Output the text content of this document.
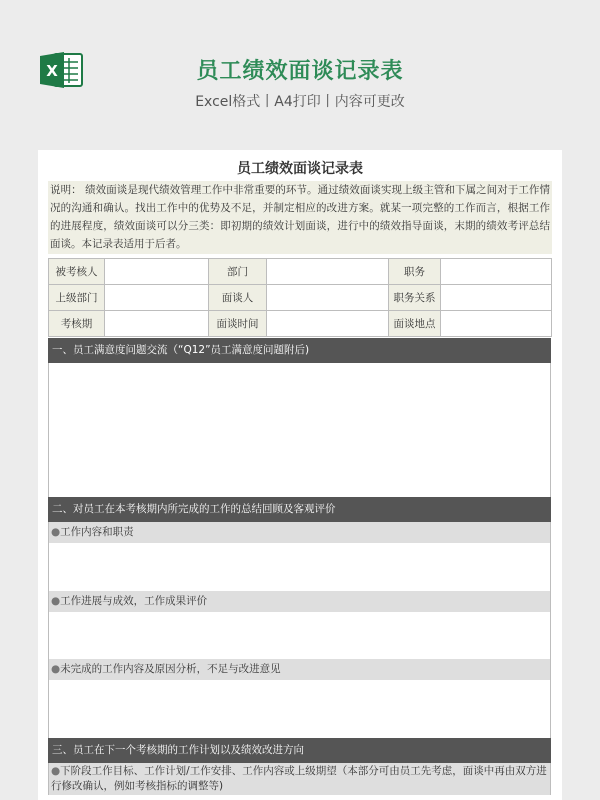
X	员工绩效面谈记录表
Excel格式丨A4打印丨内容可更改
员工绩效面谈记录表
说明： 绩效面谈是现代绩效管理工作中非常重要的环节。通过绩效面谈实现上级主管和下属之间对于工作情况的沟通和确认。找出工作中的优势及不足，并制定相应的改进方案。就某一项完整的工作而言，根据工作的进展程度，绩效面谈可以分三类：即初期的绩效计划面谈，进行中的绩效指导面谈，末期的绩效考评总结面谈。本记录表适用于后者。
被考核人		部门		职务	
上级部门		面谈人		职务关系	
考核期		面谈时间		面谈地点	
一、员工满意度问题交流（“Q12”员工满意度问题附后)
二、对员工在本考核期内所完成的工作的总结回顾及客观评价
●工作内容和职责
●工作进展与成效，工作成果评价
●未完成的工作内容及原因分析，不足与改进意见
三、员工在下一个考核期的工作计划以及绩效改进方向
●下阶段工作目标、工作计划/工作安排、工作内容或上级期望（本部分可由员工先考虑，面谈中再由双方进行修改确认，例如考核指标的调整等)
